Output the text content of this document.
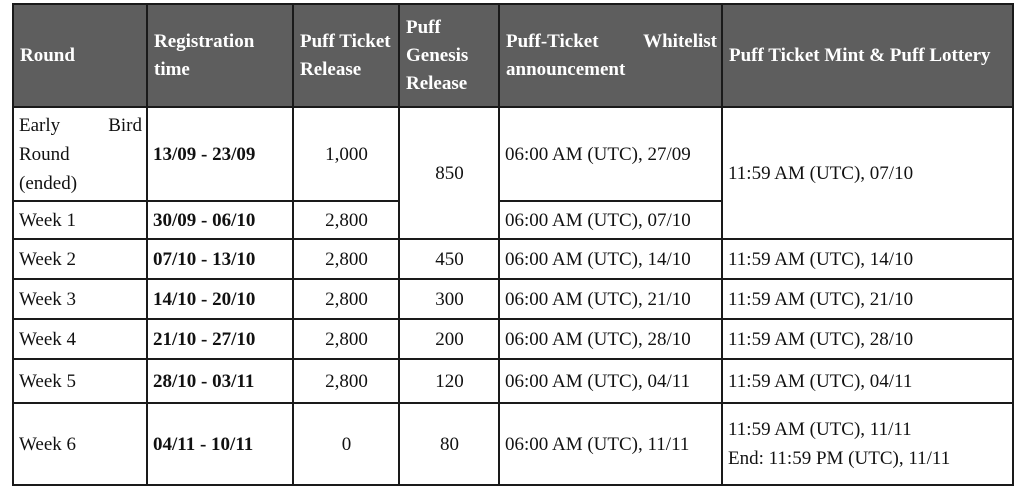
Round	Registration time	Puff Ticket Release	Puff Genesis Release	Puff-Ticket Whitelist announcement	Puff Ticket Mint & Puff Lottery

Early Bird
Round
(ended)	13/09 - 23/09	1,000	850	06:00 AM (UTC), 27/09	11:59 AM (UTC), 07/10
Week 1	30/09 - 06/10	2,800		06:00 AM (UTC), 07/10	
Week 2	07/10 - 13/10	2,800	450	06:00 AM (UTC), 14/10	11:59 AM (UTC), 14/10
Week 3	14/10 - 20/10	2,800	300	06:00 AM (UTC), 21/10	11:59 AM (UTC), 21/10
Week 4	21/10 - 27/10	2,800	200	06:00 AM (UTC), 28/10	11:59 AM (UTC), 28/10
Week 5	28/10 - 03/11	2,800	120	06:00 AM (UTC), 04/11	11:59 AM (UTC), 04/11
Week 6	04/11 - 10/11	0	80	06:00 AM (UTC), 11/11	11:59 AM (UTC), 11/11
End: 11:59 PM (UTC), 11/11
